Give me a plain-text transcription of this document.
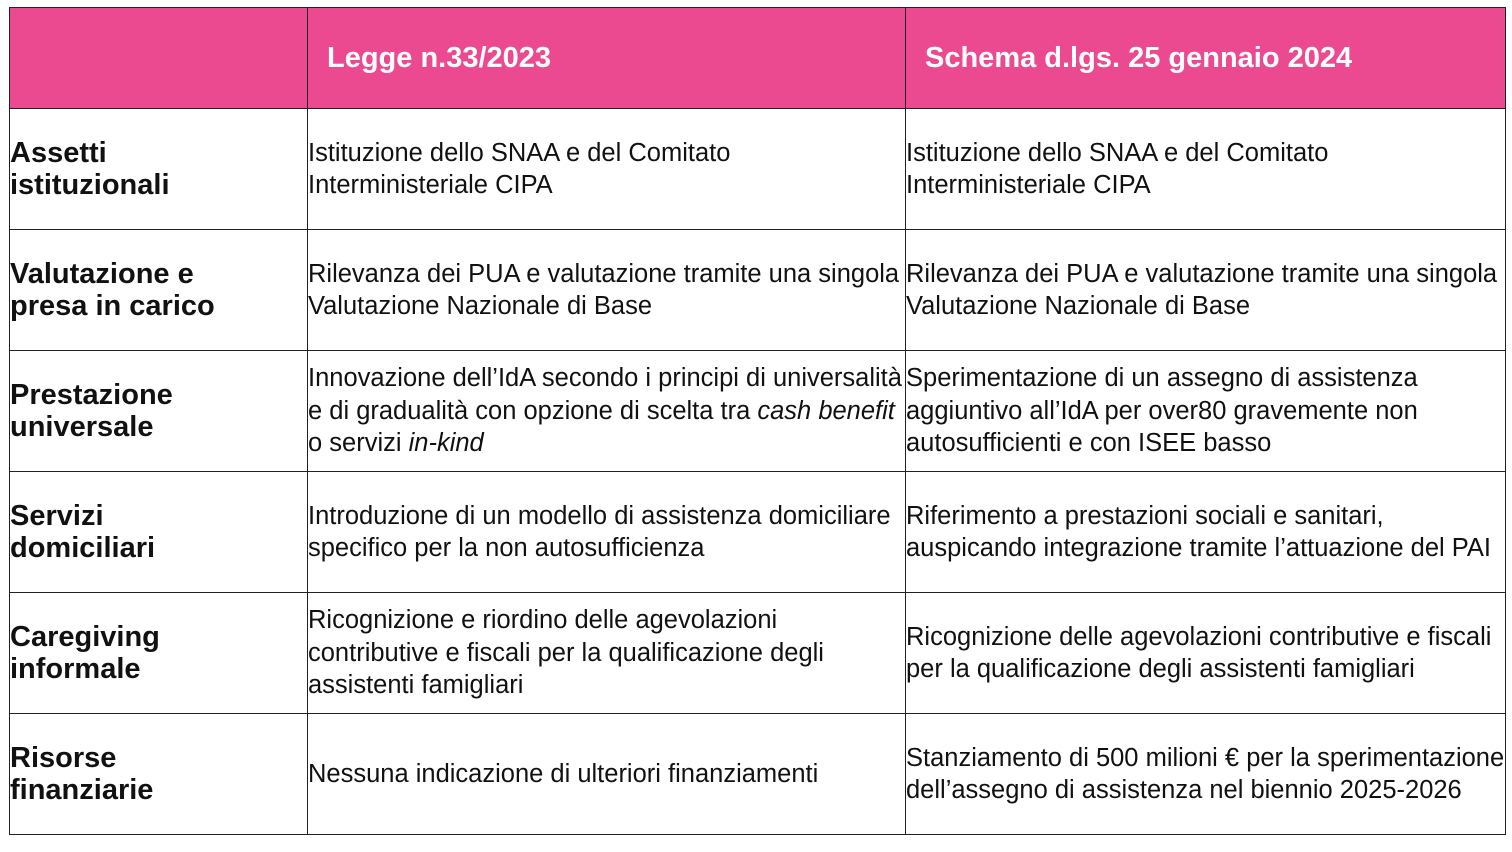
	Legge n.33/2023	Schema d.lgs. 25 gennaio 2024
Assetti
istituzionali	Istituzione dello SNAA e del Comitato Interministeriale CIPA	Istituzione dello SNAA e del Comitato Interministeriale CIPA
Valutazione e
presa in carico	Rilevanza dei PUA e valutazione tramite una singola Valutazione Nazionale di Base	Rilevanza dei PUA e valutazione tramite una singola Valutazione Nazionale di Base
Prestazione
universale	Innovazione dell’IdA secondo i principi di universalità e di gradualità con opzione di scelta tra cash benefit o servizi in-kind	Sperimentazione di un assegno di assistenza aggiuntivo all’IdA per over80 gravemente non autosufficienti e con ISEE basso
Servizi
domiciliari	Introduzione di un modello di assistenza domiciliare specifico per la non autosufficienza	Riferimento a prestazioni sociali e sanitari, auspicando integrazione tramite l’attuazione del PAI
Caregiving
informale	Ricognizione e riordino delle agevolazioni contributive e fiscali per la qualificazione degli assistenti famigliari	Ricognizione delle agevolazioni contributive e fiscali per la qualificazione degli assistenti famigliari
Risorse
finanziarie	Nessuna indicazione di ulteriori finanziamenti	Stanziamento di 500 milioni € per la sperimentazione dell’assegno di assistenza nel biennio 2025-2026
